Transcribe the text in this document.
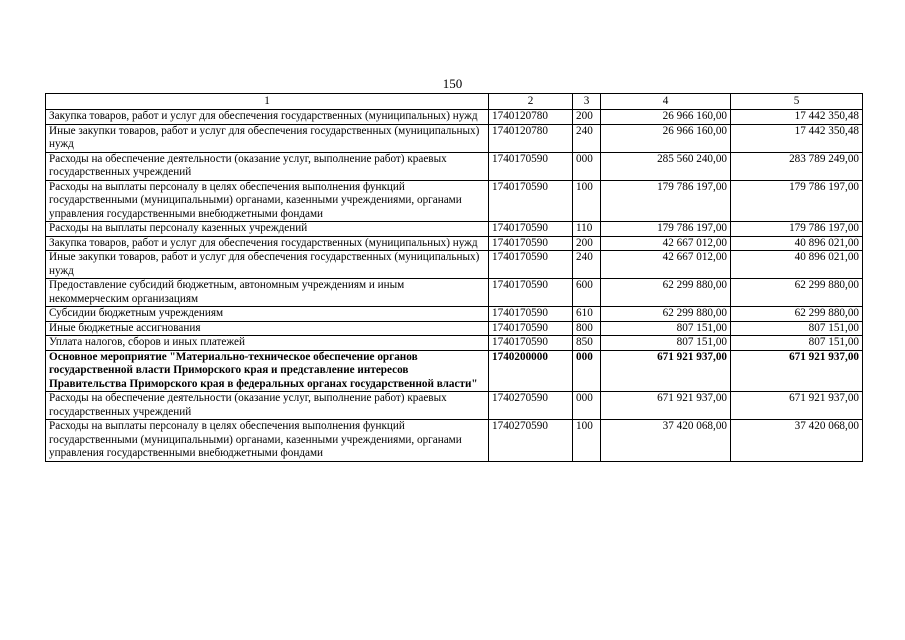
150
1	2	3	4	5
Закупка товаров, работ и услуг для обеспечения государственных (муниципальных) нужд	1740120780	200	26 966 160,00	17 442 350,48
Иные закупки товаров, работ и услуг для обеспечения государственных (муниципальных) нужд	1740120780	240	26 966 160,00	17 442 350,48
Расходы на обеспечение деятельности (оказание услуг, выполнение работ) краевых государственных учреждений	1740170590	000	285 560 240,00	283 789 249,00
Расходы на выплаты персоналу в целях обеспечения выполнения функций государственными (муниципальными) органами, казенными учреждениями, органами управления государственными внебюджетными фондами	1740170590	100	179 786 197,00	179 786 197,00
Расходы на выплаты персоналу казенных учреждений	1740170590	110	179 786 197,00	179 786 197,00
Закупка товаров, работ и услуг для обеспечения государственных (муниципальных) нужд	1740170590	200	42 667 012,00	40 896 021,00
Иные закупки товаров, работ и услуг для обеспечения государственных (муниципальных) нужд	1740170590	240	42 667 012,00	40 896 021,00
Предоставление субсидий бюджетным, автономным учреждениям и иным некоммерческим организациям	1740170590	600	62 299 880,00	62 299 880,00
Субсидии бюджетным учреждениям	1740170590	610	62 299 880,00	62 299 880,00
Иные бюджетные ассигнования	1740170590	800	807 151,00	807 151,00
Уплата налогов, сборов и иных платежей	1740170590	850	807 151,00	807 151,00
Основное мероприятие "Материально-техническое обеспечение органов государственной власти Приморского края и представление интересов Правительства Приморского края в федеральных органах государственной власти"	1740200000	000	671 921 937,00	671 921 937,00
Расходы на обеспечение деятельности (оказание услуг, выполнение работ) краевых государственных учреждений	1740270590	000	671 921 937,00	671 921 937,00
Расходы на выплаты персоналу в целях обеспечения выполнения функций государственными (муниципальными) органами, казенными учреждениями, органами управления государственными внебюджетными фондами	1740270590	100	37 420 068,00	37 420 068,00
